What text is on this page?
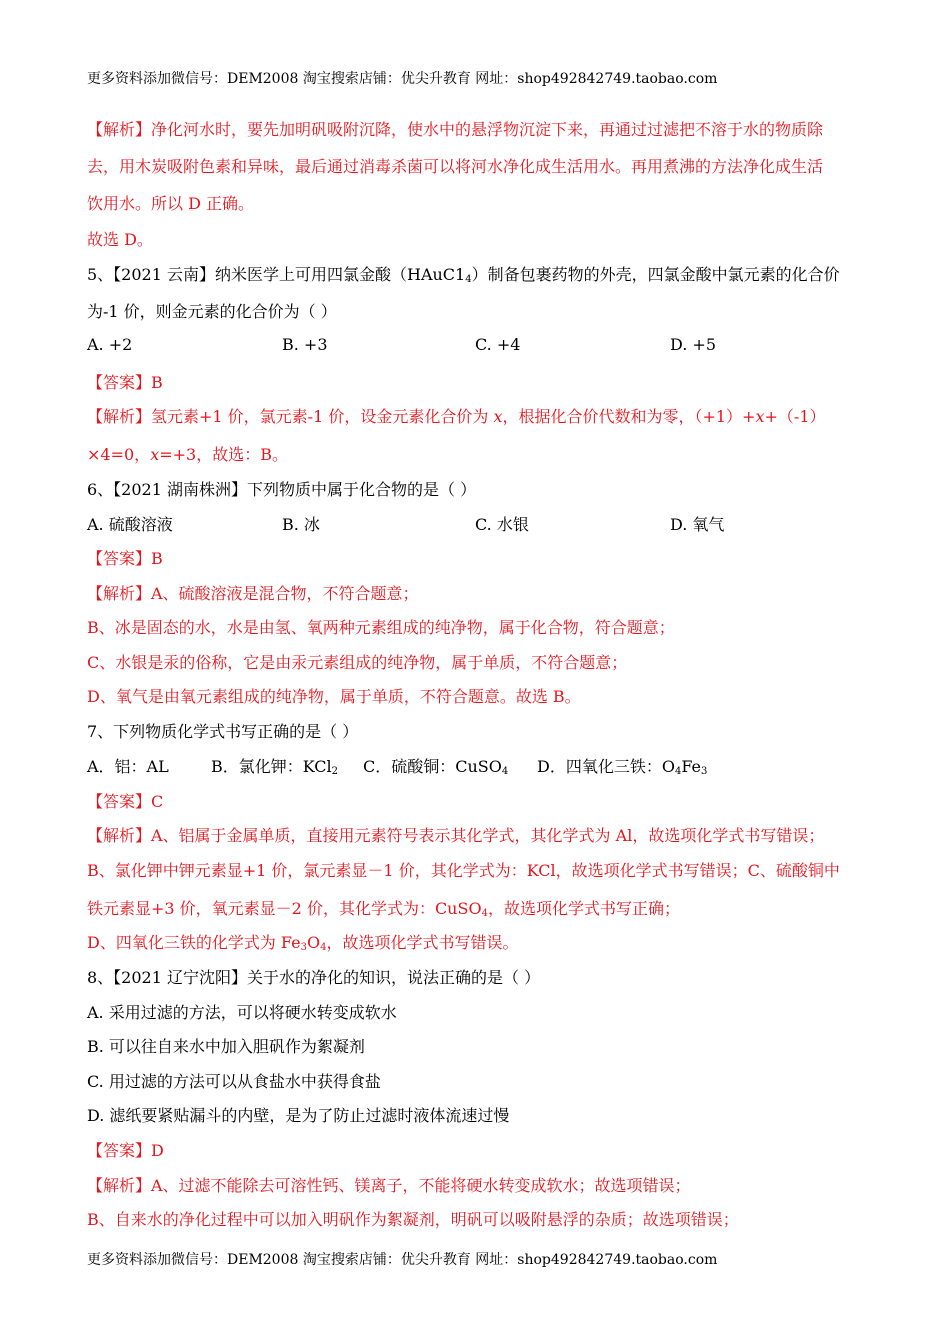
更多资料添加微信号：DEM2008 淘宝搜索店铺：优尖升教育 网址：shop492842749.taobao.com
【解析】净化河水时，要先加明矾吸附沉降，使水中的悬浮物沉淀下来，再通过过滤把不溶于水的物质除
去，用木炭吸附色素和异味，最后通过消毒杀菌可以将河水净化成生活用水。再用煮沸的方法净化成生活
饮用水。所以 D 正确。
故选 D。
5、【2021 云南】纳米医学上可用四氯金酸$(HAuC1_4)$制备包裹药物的外壳，四氯金酸中氯元素的化合价
为-1 价，则金元素的化合价为（ ）
A. +2	B. +3	C. +4	D. +5
【答案】B
【解析】氢元素+1 价，氯元素-1 价，设金元素化合价为 x，根据化合价代数和为零，（+1）+x+（-1）
×4=0，x=+3，故选：B。
6、【2021 湖南株洲】下列物质中属于化合物的是（ ）
A. 硫酸溶液	B. 冰	C. 水银	D. 氧气
【答案】B
【解析】A、硫酸溶液是混合物，不符合题意；
B、冰是固态的水，水是由氢、氧两种元素组成的纯净物，属于化合物，符合题意；
C、水银是汞的俗称，它是由汞元素组成的纯净物，属于单质，不符合题意；
D、氧气是由氧元素组成的纯净物，属于单质，不符合题意。故选 B。
7、下列物质化学式书写正确的是（ ）
A．铝：AL	B．氯化钾：KCl$_2$ C．硫酸铜：CuSO$_4$ D．四氧化三铁：$O_4Fe_3$
【答案】C
【解析】A、铝属于金属单质，直接用元素符号表示其化学式，其化学式为 Al，故选项化学式书写错误；
B、氯化钾中钾元素显+1 价，氯元素显－1 价，其化学式为：KCl，故选项化学式书写错误；C、硫酸铜中
铁元素显+3 价，氧元素显－2 价，其化学式为：CuSO$_4$，故选项化学式书写正确；
D、四氧化三铁的化学式为 $Fe_3O_4$，故选项化学式书写错误。
8、【2021 辽宁沈阳】关于水的净化的知识，说法正确的是（ ）
A. 采用过滤的方法，可以将硬水转变成软水
B. 可以往自来水中加入胆矾作为絮凝剂
C. 用过滤的方法可以从食盐水中获得食盐
D. 滤纸要紧贴漏斗的内壁，是为了防止过滤时液体流速过慢
【答案】D
【解析】A、过滤不能除去可溶性钙、镁离子，不能将硬水转变成软水；故选项错误；
B、自来水的净化过程中可以加入明矾作为絮凝剂，明矾可以吸附悬浮的杂质；故选项错误；
更多资料添加微信号：DEM2008 淘宝搜索店铺：优尖升教育 网址：shop492842749.taobao.com
